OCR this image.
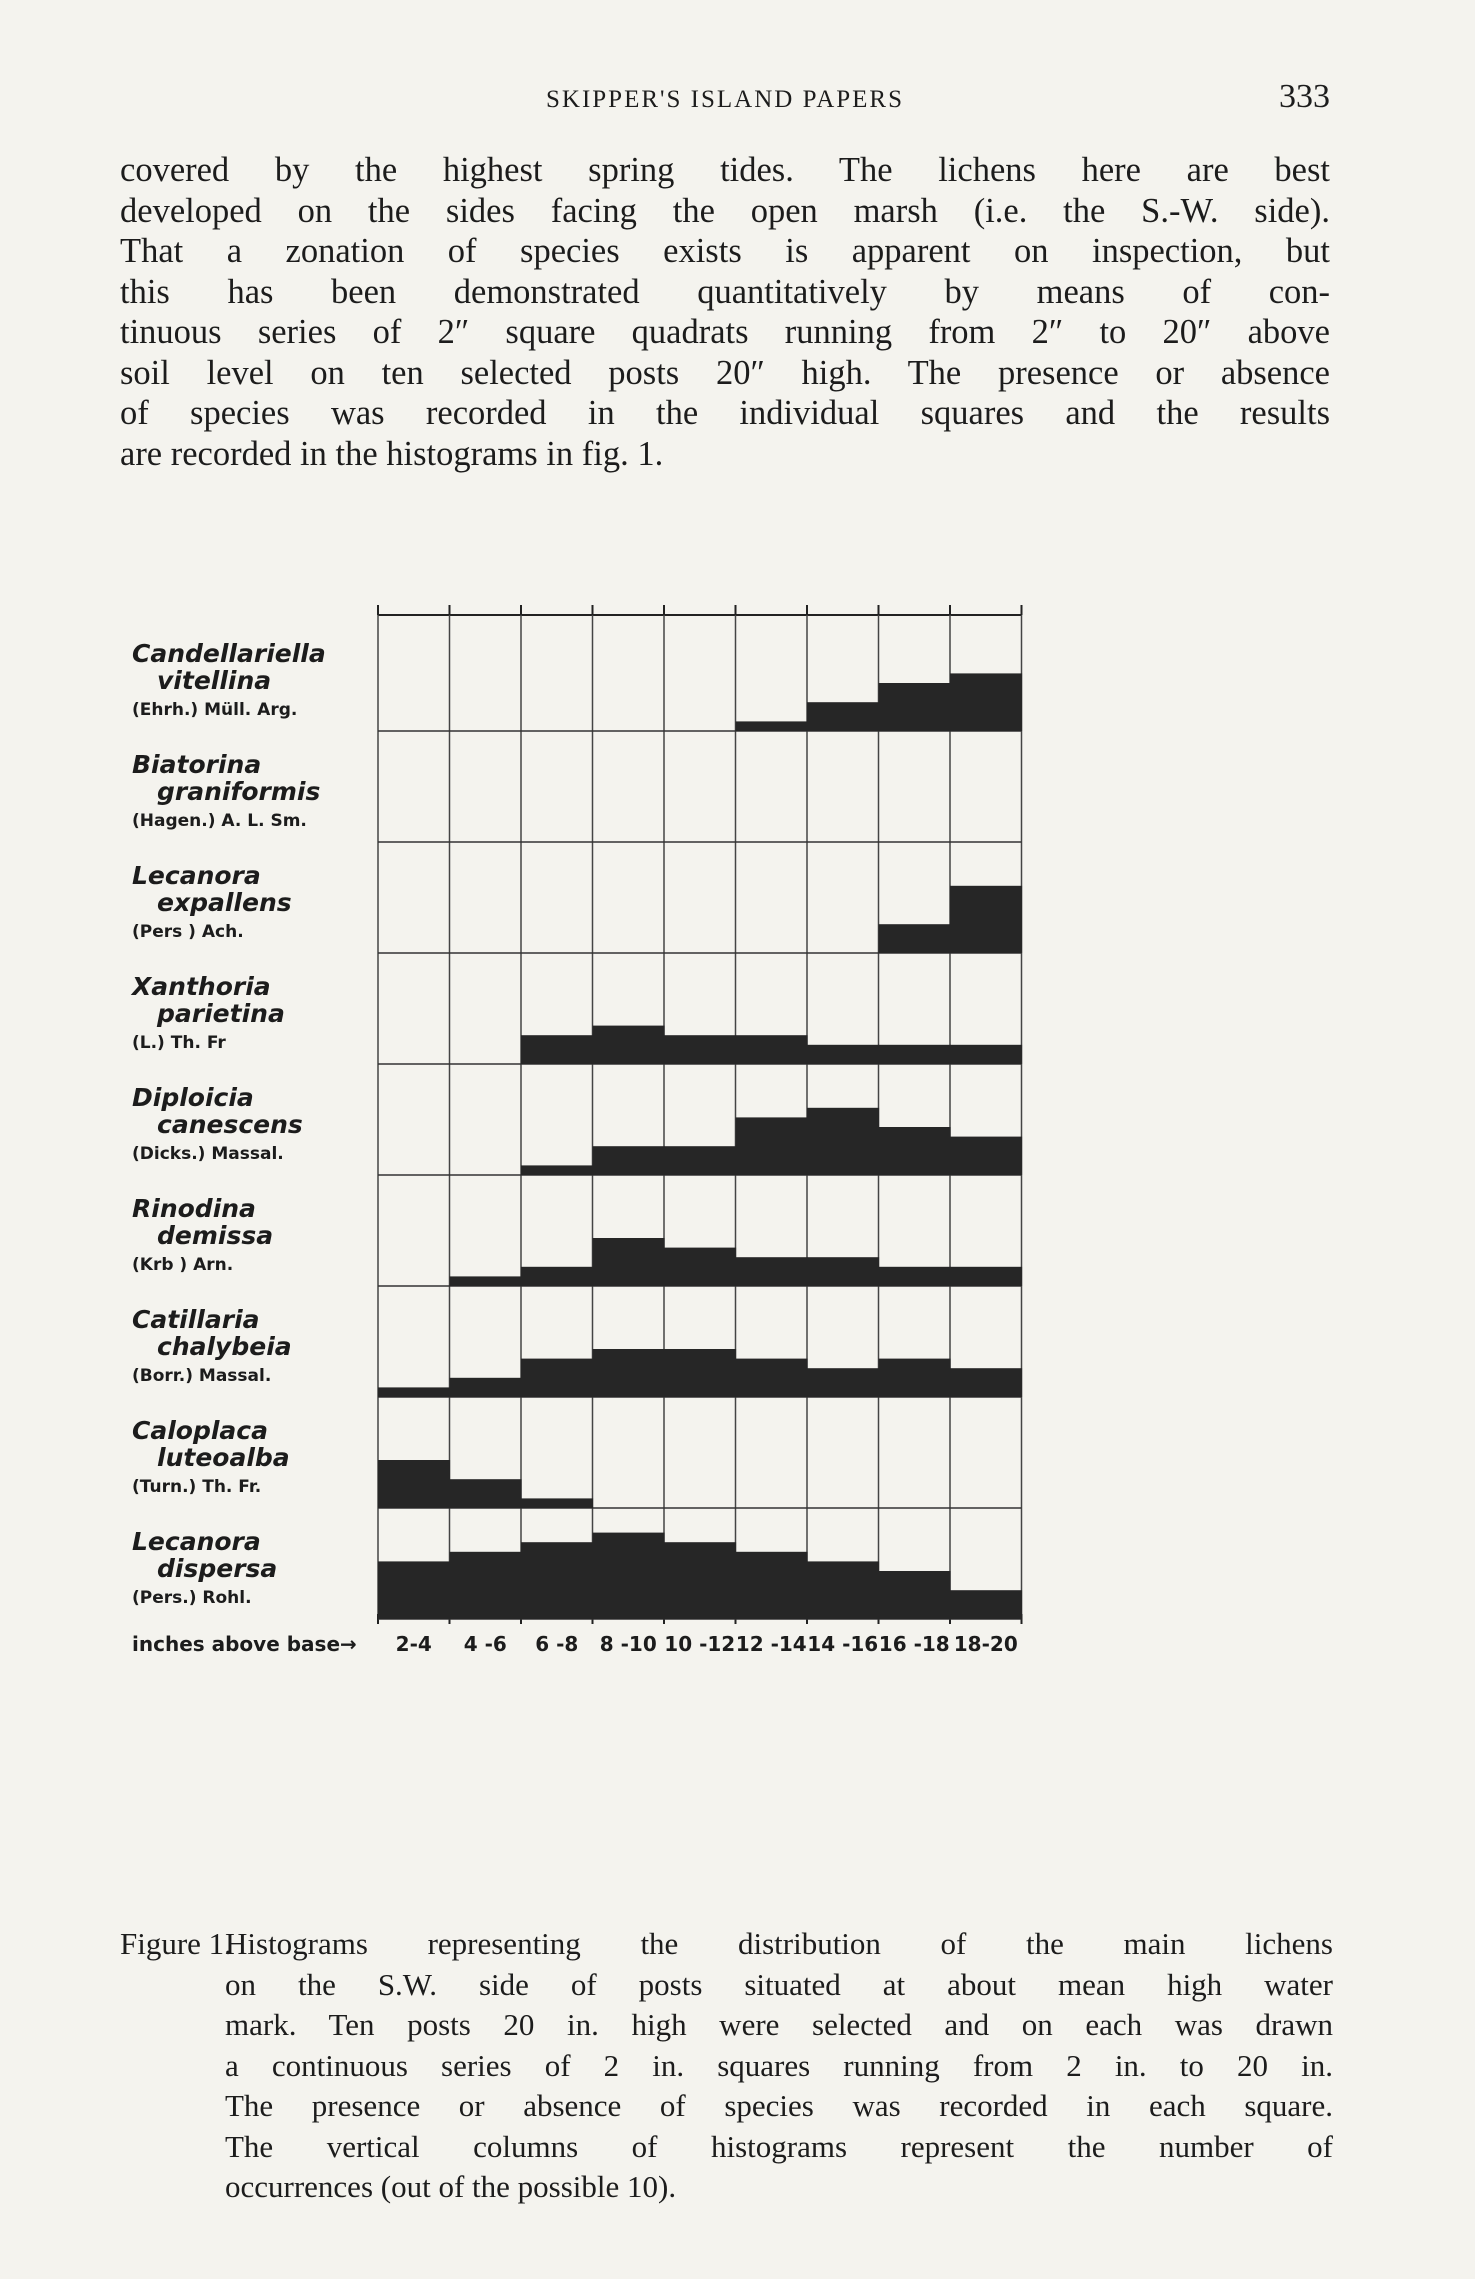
SKIPPER'S ISLAND PAPERS	333
covered by the highest spring tides. The lichens here are best
developed on the sides facing the open marsh (i.e. the S.-W. side).
That a zonation of species exists is apparent on inspection, but
this has been demonstrated quantitatively by means of con-
tinuous series of 2″ square quadrats running from 2″ to 20″ above
soil level on ten selected posts 20″ high. The presence or absence
of species was recorded in the individual squares and the results
are recorded in the histograms in fig. 1.
Candellariella
vitellina
(Ehrh.) Müll. Arg.
Biatorina
graniformis
(Hagen.) A. L. Sm.
Lecanora
expallens
(Pers ) Ach.
Xanthoria
parietina
(L.) Th. Fr
Diploicia
canescens
(Dicks.) Massal.
Rinodina
demissa
(Krb ) Arn.
Catillaria
chalybeia
(Borr.) Massal.
Caloplaca
luteoalba
(Turn.) Th. Fr.
Lecanora
dispersa
(Pers.) Rohl.
inches above base→ 2-4 4 -6 6 -8 8 -10 10 -12 12 -14 14 -16 16 -18 18-20
Figure 1.
Histograms representing the distribution of the main lichens
on the S.W. side of posts situated at about mean high water
mark. Ten posts 20 in. high were selected and on each was drawn
a continuous series of 2 in. squares running from 2 in. to 20 in.
The presence or absence of species was recorded in each square.
The vertical columns of histograms represent the number of
occurrences (out of the possible 10).
